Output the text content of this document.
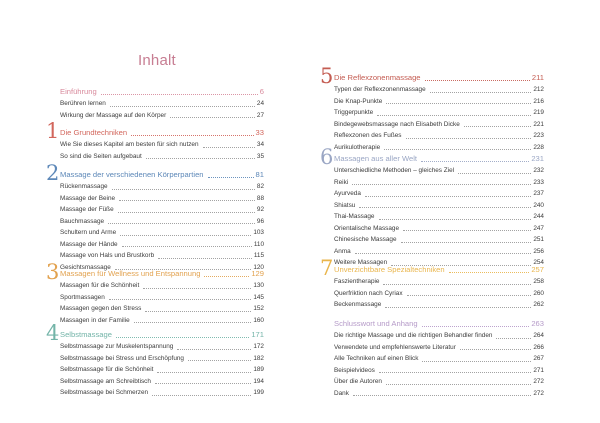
Inhalt
Einführung	6
Berühren lernen	24
Wirkung der Massage auf den Körper	27
1 Die Grundtechniken	33
Wie Sie dieses Kapitel am besten für sich nutzen	34
So sind die Seiten aufgebaut	35
2 Massage der verschiedenen Körperpartien	81
Rückenmassage	82
Massage der Beine	88
Massage der Füße	92
Bauchmassage	96
Schultern und Arme	103
Massage der Hände	110
Massage von Hals und Brustkorb	115
Gesichtsmassage	120
3 Massagen für Wellness und Entspannung	129
Massagen für die Schönheit	130
Sportmassagen	145
Massagen gegen den Stress	152
Massagen in der Familie	160
4 Selbstmassage	171
Selbstmassage zur Muskelentspannung	172
Selbstmassage bei Stress und Erschöpfung	182
Selbstmassage für die Schönheit	189
Selbstmassage am Schreibtisch	194
Selbstmassage bei Schmerzen	199
5 Die Reflexzonenmassage	211
Typen der Reflexzonenmassage	212
Die Knap-Punkte	216
Triggerpunkte	219
Bindegewebsmassage nach Elisabeth Dicke	221
Reflexzonen des Fußes	223
Aurikulotherapie	228
6 Massagen aus aller Welt	231
Unterschiedliche Methoden – gleiches Ziel	232
Reiki	233
Ayurveda	237
Shiatsu	240
Thai-Massage	244
Orientalische Massage	247
Chinesische Massage	251
Anma	256
Weitere Massagen	254
7 Unverzichtbare Spezialtechniken	257
Faszientherapie	258
Querfriktion nach Cyriax	260
Beckenmassage	262
Schlusswort und Anhang	263
Die richtige Massage und die richtigen Behandler finden	264
Verwendete und empfehlenswerte Literatur	266
Alle Techniken auf einen Blick	267
Beispielvideos	271
Über die Autoren	272
Dank	272
